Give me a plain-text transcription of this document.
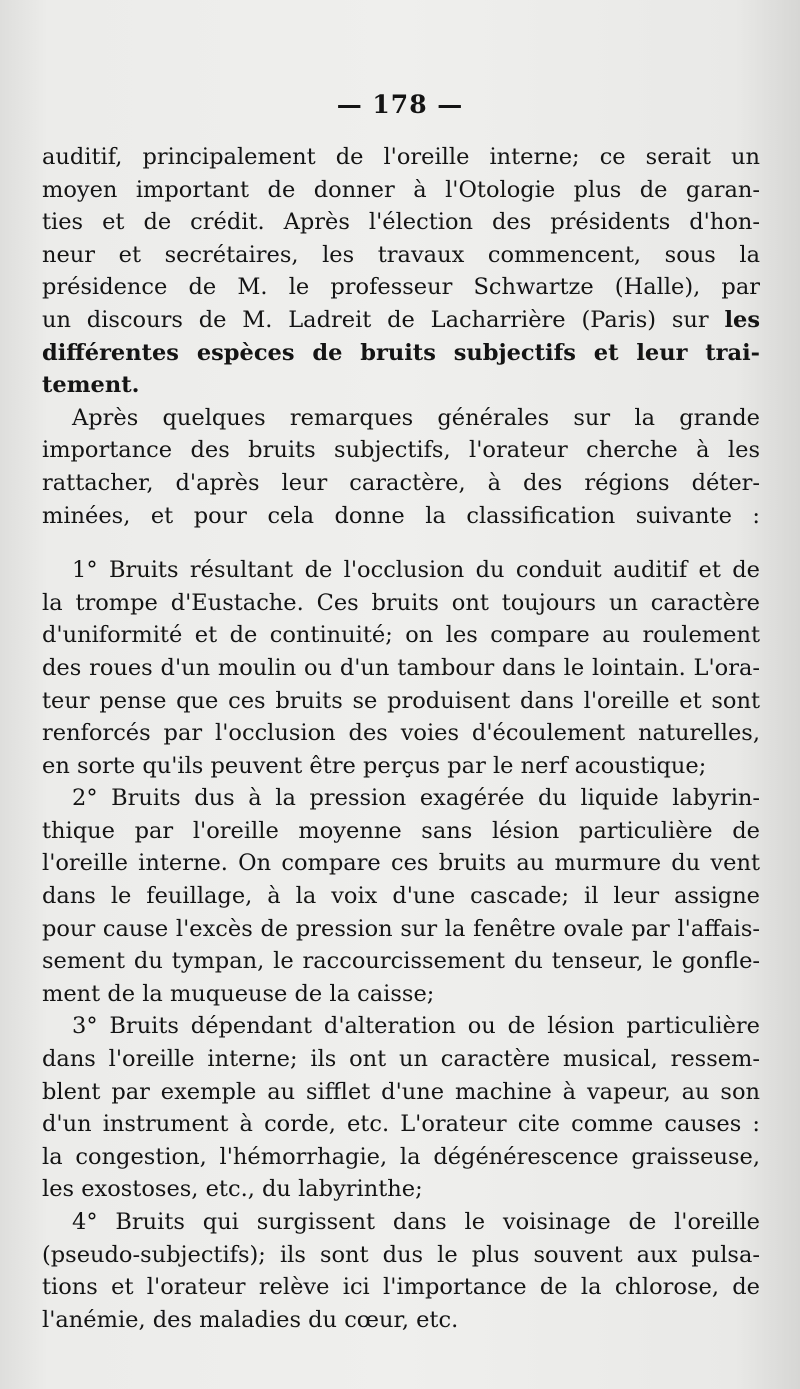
— 178 —
auditif, principalement de l'oreille interne; ce serait un
moyen important de donner à l'Otologie plus de garan-
ties et de crédit. Après l'élection des présidents d'hon-
neur et secrétaires, les travaux commencent, sous la
présidence de M. le professeur Schwartze (Halle), par
un discours de M. Ladreit de Lacharrière (Paris) sur les
différentes espèces de bruits subjectifs et leur trai-
tement.
Après quelques remarques générales sur la grande
importance des bruits subjectifs, l'orateur cherche à les
rattacher, d'après leur caractère, à des régions déter-
minées, et pour cela donne la classification suivante :
1° Bruits résultant de l'occlusion du conduit auditif et de
la trompe d'Eustache. Ces bruits ont toujours un caractère
d'uniformité et de continuité; on les compare au roulement
des roues d'un moulin ou d'un tambour dans le lointain. L'ora-
teur pense que ces bruits se produisent dans l'oreille et sont
renforcés par l'occlusion des voies d'écoulement naturelles,
en sorte qu'ils peuvent être perçus par le nerf acoustique;
2° Bruits dus à la pression exagérée du liquide labyrin-
thique par l'oreille moyenne sans lésion particulière de
l'oreille interne. On compare ces bruits au murmure du vent
dans le feuillage, à la voix d'une cascade; il leur assigne
pour cause l'excès de pression sur la fenêtre ovale par l'affais-
sement du tympan, le raccourcissement du tenseur, le gonfle-
ment de la muqueuse de la caisse;
3° Bruits dépendant d'alteration ou de lésion particulière
dans l'oreille interne; ils ont un caractère musical, ressem-
blent par exemple au sifflet d'une machine à vapeur, au son
d'un instrument à corde, etc. L'orateur cite comme causes :
la congestion, l'hémorrhagie, la dégénérescence graisseuse,
les exostoses, etc., du labyrinthe;
4° Bruits qui surgissent dans le voisinage de l'oreille
(pseudo-subjectifs); ils sont dus le plus souvent aux pulsa-
tions et l'orateur relève ici l'importance de la chlorose, de
l'anémie, des maladies du cœur, etc.
